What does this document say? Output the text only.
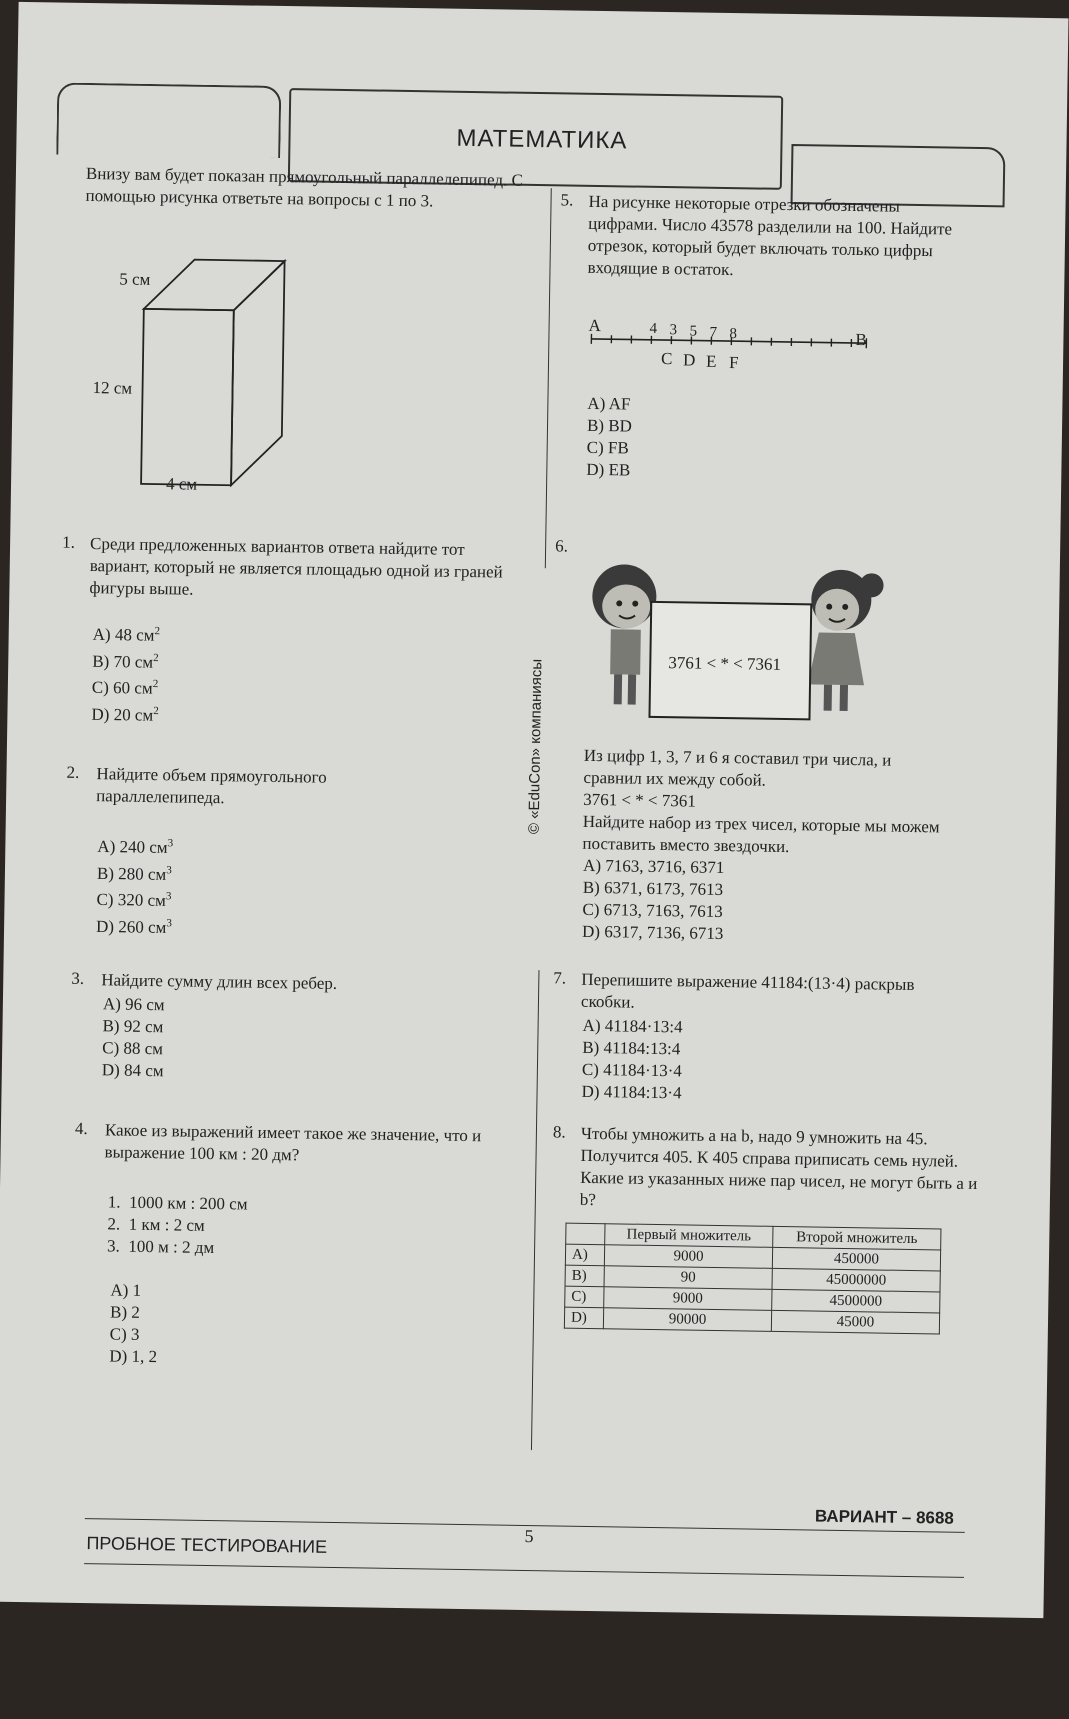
МАТЕМАТИКА
Внизу вам будет показан прямоугольный параллелепипед. С помощью рисунка ответьте на вопросы с 1 по 3.
5 см
12 см
4 см
1. Среди предложенных вариантов ответа найдите тот вариант, который не является площадью одной из граней фигуры выше.
A) 48 $см^2$
B) 70 $см^2$
C) 60 $см^2$
D) 20 $см^2$
2. Найдите объем прямоугольного параллелепипеда.
A) 240 $см^3$
B) 280 $см^3$
C) 320 $см^3$
D) 260 $см^3$
3. Найдите сумму длин всех ребер.
A) 96 см
B) 92 см
C) 88 см
D) 84 см
4. Какое из выражений имеет такое же значение, что и выражение 100 км : 20 дм?
1. 1000 км : 200 см
2. 1 км : 2 см
3. 100 м : 2 дм
A) 1
B) 2
C) 3
D) 1, 2
© «EduCon» компаниясы
5. На рисунке некоторые отрезки обозначены цифрами. Число 43578 разделили на 100. Найдите отрезок, который будет включать только цифры входящие в остаток.
A	4 3 5 7 8	B
C D E F
A) AF
B) BD
C) FB
D) EB
6.
3761 < * < 7361
Из цифр 1, 3, 7 и 6 я составил три числа, и сравнил их между собой.
3761 < * < 7361
Найдите набор из трех чисел, которые мы можем поставить вместо звездочки.
A) 7163, 3716, 6371
B) 6371, 6173, 7613
C) 6713, 7163, 7613
D) 6317, 7136, 6713
7. Перепишите выражение 41184:(13·4) раскрыв скобки.
A) 41184·13:4
B) 41184:13:4
C) 41184·13·4
D) 41184:13·4
8. Чтобы умножить a на b, надо 9 умножить на 45. Получится 405. К 405 справа приписать семь нулей. Какие из указанных ниже пар чисел, не могут быть a и b?
	Первый множитель	Второй множитель
A)	9000	450000
B)	90	45000000
C)	9000	4500000
D)	90000	45000
ПРОБНОЕ ТЕСТИРОВАНИЕ	5
ВАРИАНТ – 8688
